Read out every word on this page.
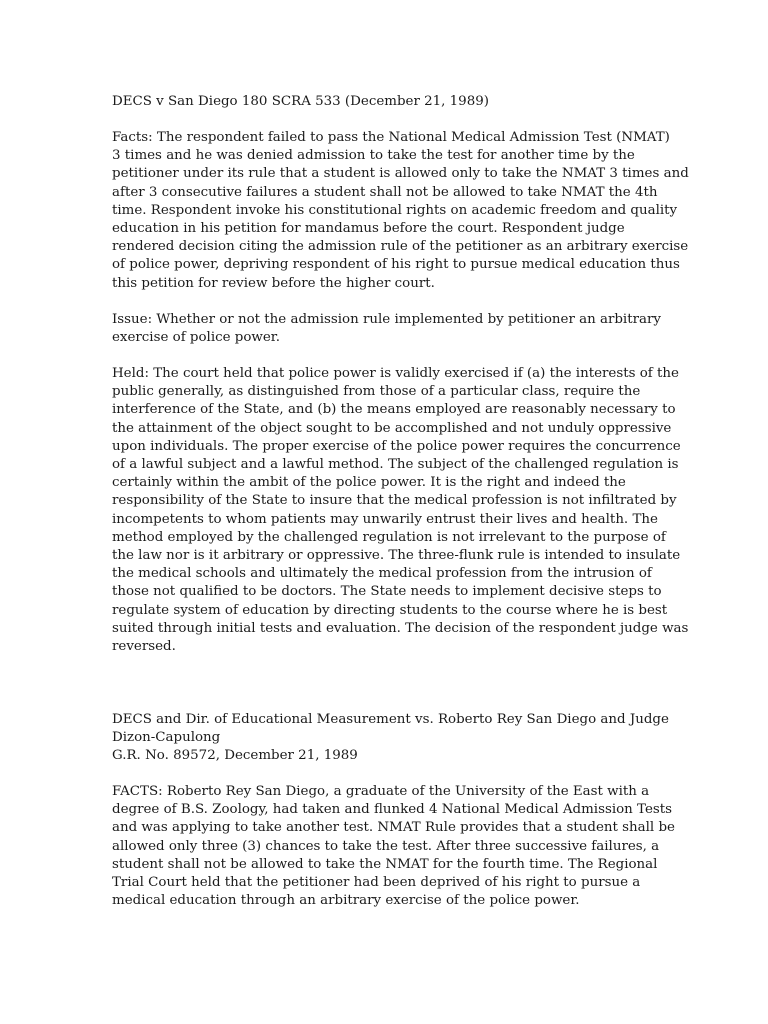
DECS v San Diego 180 SCRA 533 (December 21, 1989)

Facts: The respondent failed to pass the National Medical Admission Test (NMAT)
3 times and he was denied admission to take the test for another time by the
petitioner under its rule that a student is allowed only to take the NMAT 3 times and
after 3 consecutive failures a student shall not be allowed to take NMAT the 4th
time. Respondent invoke his constitutional rights on academic freedom and quality
education in his petition for mandamus before the court. Respondent judge
rendered decision citing the admission rule of the petitioner as an arbitrary exercise
of police power, depriving respondent of his right to pursue medical education thus
this petition for review before the higher court.

Issue: Whether or not the admission rule implemented by petitioner an arbitrary
exercise of police power.

Held: The court held that police power is validly exercised if (a) the interests of the
public generally, as distinguished from those of a particular class, require the
interference of the State, and (b) the means employed are reasonably necessary to
the attainment of the object sought to be accomplished and not unduly oppressive
upon individuals. The proper exercise of the police power requires the concurrence
of a lawful subject and a lawful method. The subject of the challenged regulation is
certainly within the ambit of the police power. It is the right and indeed the
responsibility of the State to insure that the medical profession is not infiltrated by
incompetents to whom patients may unwarily entrust their lives and health. The
method employed by the challenged regulation is not irrelevant to the purpose of
the law nor is it arbitrary or oppressive. The three-flunk rule is intended to insulate
the medical schools and ultimately the medical profession from the intrusion of
those not qualified to be doctors. The State needs to implement decisive steps to
regulate system of education by directing students to the course where he is best
suited through initial tests and evaluation. The decision of the respondent judge was
reversed.

DECS and Dir. of Educational Measurement vs. Roberto Rey San Diego and Judge
Dizon-Capulong
G.R. No. 89572, December 21, 1989

FACTS: Roberto Rey San Diego, a graduate of the University of the East with a
degree of B.S. Zoology, had taken and flunked 4 National Medical Admission Tests
and was applying to take another test. NMAT Rule provides that a student shall be
allowed only three (3) chances to take the test. After three successive failures, a
student shall not be allowed to take the NMAT for the fourth time. The Regional
Trial Court held that the petitioner had been deprived of his right to pursue a
medical education through an arbitrary exercise of the police power.
